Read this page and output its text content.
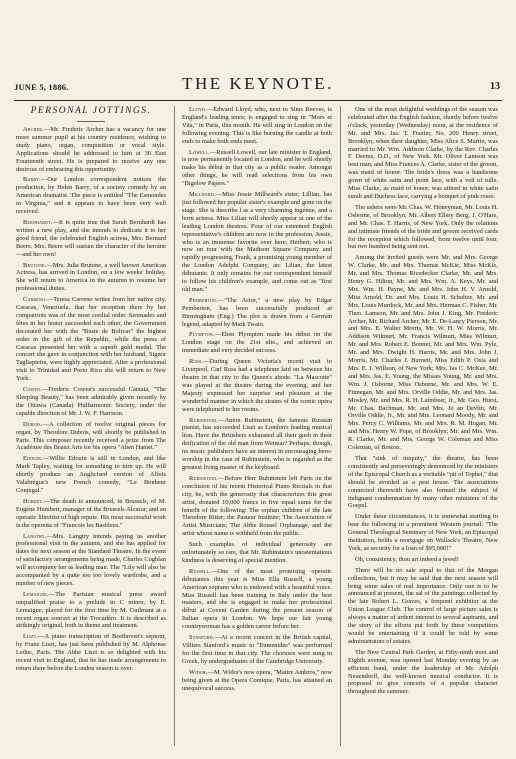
JUNE 5, 1886.	THE KEYNOTE.	13
PERSONAL JOTTINGS.

Archer.—Mr. Frederic Archer has a vacancy for one more summer pupil at his country residence, wishing to study piano, organ, composition or vocal style. Applications should be addressed to him at 36 East Fourteenth street. He is prepared to receive any one desirous of embracing this opportunity.

Barry.—Our London correspondent notices the production, by Helen Barry, of a society comedy by an American dramatist. The piece is entitled "The Esmondes in Virginia," and it appears to have been very well received.

Bernhardt.—It is quite true that Sarah Bernhardt has written a new play, and she intends to dedicate it to her good friend, the celebrated English actress, Mrs. Bernard Beere. Mrs. Beere will sustain the character of the heroine—and her own!

Brutone.—Mrs. Julia Brutone, a well known American Actress, has arrived in London, on a few weeks' holiday. She will return to America in the autumn to resume her professional duties.

Carreno.—Teresa Carreno writes from her native city, Caracas, Venezuela, that her reception there by her compatriots was of the most cordial order. Serenades and fêtes in her honor succeeded each other, the Government decorated her with the "Buste de Bolivar" the highest order in the gift of the Republic, while the press of Caracas presented her with a superb gold medal. The concert she gave in conjunction with her husband, Signor Tagliapietra, were highly appreciated. After a professional visit to Trinidad and Porto Rico she will return to New York.

Cowen.—Frederic Cowen's successful Cantata, "The Sleeping Beauty," has been admirably given recently by the Ottawa (Canada) Philharmonic Society, under the capable direction of Mr. J. W. F. Harrison.

Dubois.—A collection of twelve original pieces for organ, by Theodore Dubois, will shortly be published in Paris. This composer recently received a prize from The Académie des Beaux Arts for his opera "Aben Hamet."

Edouin.—Willie Edouin is still in London, and like Mark Tapley, waiting for something to turn up. He will shortly produce an Anglicised version of Alfois Valabrègue's new French comedy, "Le Bonheur Conjugal."

Hubert.—The death is announced, in Brussels, of M. Eugène Humbert, manager of the Brussels Alcazar, and an operatic librettist of high repute. His most successful work is the operetta of "Francois les Basbleus."

Langtry.—Mrs. Langtry intends paying us another professional visit in the autumn, and she has applied for dates for next season at the Standard Theatre. In the event of satisfactory arrangements being made, Charles Coghlan will accompany her as leading man. The "Lily will also be accompanied by a quite too too lovely wardrobe, and a number of new pieces.

Lemaigne.—The Parisian musical press award unqualified praise to a prelude in C minor, by E. Lemaigne, played for the first time by M. Guilmant at a recent organ concert at the Trocadéro. It is described as strikingly original, both in theme and treatment.

Liszt.—A piano transcription of Beethoven's septour, by Franz Liszt, has just been published by M. Alphonse Leduc, Paris. The Abbe Liszt is so delighted with his recent visit to England, that he has made arrangements to return there before the London season is over.

Lloyd.—Edward Lloyd, who, next to Sims Reeves, is England's leading tenor, is engaged to sing in "Mors et Vita," in Paris, this month. He will sing in London on the following evening. This is like burning the candle at both ends to make both ends meet.

Lowell.—Russell Lowell, our late minister to England, is now permanently located in London, and he will shortly make his début in that city as a public reader. Amongst other things, he will read selections from his own "Bigelow Papers."

Millward.—Miss Jessie Millward's sister, Lillian, has just followed her popular sister's example and gone on the stage. She is describe l as a very charming ingénue, and a born actress. Miss Lilian will shortly appear at one of the leading London theatres. Four of our esteemed English representative's children are now in the profession, Jessie, who is an immense favorite over here, Herbert, who is now on tour with the Madison Square Company and rapidly progressing, Frank, a promising young member of the London Adelphi Company, an: Lilian, the latest débutante. It only remains for our correspondent himself to follow his children's example, and come out as "first old man."

Pemberton.—"The Actor," a new play by Edgar Pemberton, has been successfully produced at Birmingham (Eng.) The plot is drawn from a German legend, adapted by Mark Twain.

Plympton.—Eben Plympton made his début on the London stage on the 21st ulto., and achieved an immediate and very decided success.

Ross.—During Queen Victoria's recent visit to Liverpool, Carl Ross had a telephone laid on between his theatre in that city to the Queen's abode. "La Mascotte" was played at the theatre during the evening, and her Majesty expressed her surprise and pleasure at the wonderful manner in which the strains of the comic opera were telephoned to her rooms.

Rubinstein.—Anton Rubinstein, the famous Russian pianist, has succeeded Liszt as London's leading musical lion. Have the Britishers exhausted all their gush in their deification of the old man from Weimar? Perhaps, though, no music publishers have an interest in encouraging hero-worship in the case of Rubinstein, who is regarded as the greatest living master of the keyboard.

Rubinstein.—Before Herr Rubinstein left Paris on the conclusion of his recent Historical Piano Recitals in that city, he, with the generosity that characterizes this great artist, donated 10,000 francs in five equal sums for the benefit of the following: The orphan children of the late Theodore Ritter; the Pasteur Institute; The Association of Artist Musicians; The Abbe Rousel Orphanage, and the artist whose name is withheld from the public.

Such examples of individual generosity are unfortunately so rare, that Mr. Rubinstein's unostentatious kindness is deserving of special mention.

Russell.—One of the most promising operatic débutantes this year is Miss Ella Russell, a young American soprano who is endowed with a beautiful voice. Miss Russell has been training in Italy under the best masters, and she is engaged to make her professional début at Covent Garden during the present season of Italian opera in London. We hope our fair young countrywoman has a golden career before her.

Stanford.—At a recent concert in the British capital, Villiers Stanford's music to "Eumenides" was performed for the first time in that city. The choruses were sung in Greek, by undergraduates of the Cambridge University.

Widor.—M. Widor's new opera, "Maitre Ambros," now being given at the Opera Comique, Paris, has attained an unequivocal success.

One of the most delightful weddings of the season was celebrated after the English fashion, shortly before twelve o'clock, yesterday (Wednesday) noon, at the residence of Mr. and Mrs. Jas. T. Frazier, No. 200 Henry street, Brooklyn, when their daughter, Miss Alice S. Martin, was married to Mr. Wm. Addison Clarke, by the Rev. Charles F. Deems, D.D., of New York. Mr. Oliver Lamson was best man, and Miss Frances A. Clarke, sister of the groom, was maid of honor. The bride's dress was a handsome gown of white satin and point lace, with a veil of tulle. Miss Clarke, as maid of honor, was attired in white satin surah and Duchess lace, carrying a bouquet of pink roses.

The ushers were Mr. Chas. W. Honeyman, Mr. Louis H. Osborne, of Brooklyn, Mr. Albert Ellery Berg, J. O'Hare, and Mr. Chas. T. Harris, of New York. Only the relations and intimate friends of the bride and groom received cards for the reception which followed, from twelve until four, but two hundred being sent out.

Among the invited guests were Mr. and Mrs. George W. Clarke, Mr. and Mrs. Thomas McKie, Miss McKie, Mr. and Mrs. Thomas Ricedecker Clarke, Mr. and Mrs. Henry G. Hilton, Mr. and Mrs. Wm. A. Keys, Mr. and Mrs. Wm. H. Payne, Mr. and Mrs. John H. V. Arnold, Miss Arnold, Dr. and Mrs. Louis H. Schultze, Mr. and Mrs. Louis Murdock, Mr. and Mrs. Herman C. Fisher, Mr. Theo. Lamson, Mr. and Mrs. John J. King, Mr. Frederic Archer, Mr. Richard Archer, Mr. E. De-Lancy Pierson, Mr. and Mrs. E. Walter Morris, Mr. W. H. W. Morris, Mr. Addison Wilmurt, Mr. Francis Wilmurt, Miss Wilmurt, Mr. and Mrs. Robert E. Bonner, Mr. and Mrs. Wm. Pyle, Mr. and Mrs. Dwight H. Harris, Mr. and Mrs. John J. Morris, Mr. Charles J. Burnett, Miss Edith P. Osia and Mrs. E. J. Willson, of New York; Mrs. Jas C. McKee, Mr. and Mrs. Jas. E. Young, the Misses Young, Mr. and Mrs. Wm. J. Osborne, Miss Osborne, Mr. and Mrs. W. E. Finnegan, Mr. and Mrs. Orville Oddie, Mr. and Mrs. Jas. Mosley, Mr. and Mrs. R. H. Laimbeer, Jr., Mr. Geo. Hurst, Mr. Chas. Bachman, Mr. and Mrs. Jo an Devlin, Mr. Orville Oddie, Jr., Mr. and Mrs. Leonard Moody, Mr. and Mrs. Percy C. Williams, Mr. and Mrs. R. M. Hogan, Mr. and Mrs. Henry W. Pope, of Brooklyn; Mr. and Mrs. Wm. R. Clarke, Mr. and Mrs. George W. Coleman and Miss Coleman, of Boston.

That "sink of iniquity," the theatre, has been consistently and perseveringly denounced by the ministers of the Episcopal Church as a veritable "pit of Tophet," that should be avoided as a pest house. The associations connected therewith have also formed the subject of indignant condemnation by many other ministers of the Gospel.

Under these circumstances, it is somewhat startling to hear the following in a prominent Western journal: "The General Theological Seminary of New York, an Episcopal institution, holds a mortgage on Wallack's Theatre, New York, as security for a loan of $95,000!"

Oh, consistency, thou art indeed a jewel!

There will be no sale equal to that of the Morgan collections, but it may be said that the next season will bring some sales of real importance. Only one is to be announced at present, the sal of the paintings collected by the late Robert L. Graves, a frequent exhibitor at the Union League Club. The control of large picture sales is always a matter of ardent interest to several aspirants, and the story of the efforts put forth by these competitors would be entertaining if it could be told by some administrators of estates.

The New Central Park Garden, at Fifty-ninth treet and Eighth avenue, was opened last Monday evening by an efficient band, under the leadership of Mr. Adolph Neuendorff, the well-known musical conductor. It is proposed to give concerts of a popular character throughout the summer.
